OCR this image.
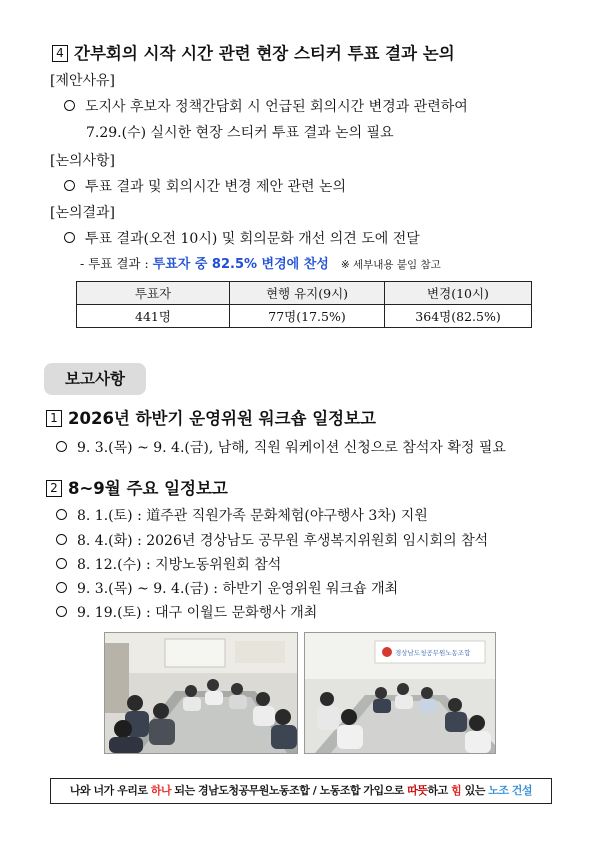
4 간부회의 시작 시간 관련 현장 스티커 투표 결과 논의
[제안사유]
도지사 후보자 정책간담회 시 언급된 회의시간 변경과 관련하여
7.29.(수) 실시한 현장 스티커 투표 결과 논의 필요
[논의사항]
투표 결과 및 회의시간 변경 제안 관련 논의
[논의결과]
투표 결과(오전 10시) 및 회의문화 개선 의견 도에 전달
- 투표 결과 : 투표자 중 82.5% 변경에 찬성 ※ 세부내용 붙임 참고
투표자	현행 유지(9시)	변경(10시)
441명	77명(17.5%)	364명(82.5%)
보고사항
1 2026년 하반기 운영위원 워크숍 일정보고
9. 3.(목) ~ 9. 4.(금), 남해, 직원 워케이션 신청으로 참석자 확정 필요
2 8~9월 주요 일정보고
8. 1.(토) : 道주관 직원가족 문화체험(야구행사 3차) 지원
8. 4.(화) : 2026년 경상남도 공무원 후생복지위원회 임시회의 참석
8. 12.(수) : 지방노동위원회 참석
9. 3.(목) ~ 9. 4.(금) : 하반기 운영위원 워크숍 개최
9. 19.(토) : 대구 이월드 문화행사 개최
경상남도청공무원노동조합
나와 너가 우리로 하나 되는 경남도청공무원노동조합 / 노동조합 가입으로 따뜻하고 힘 있는 노조 건설
